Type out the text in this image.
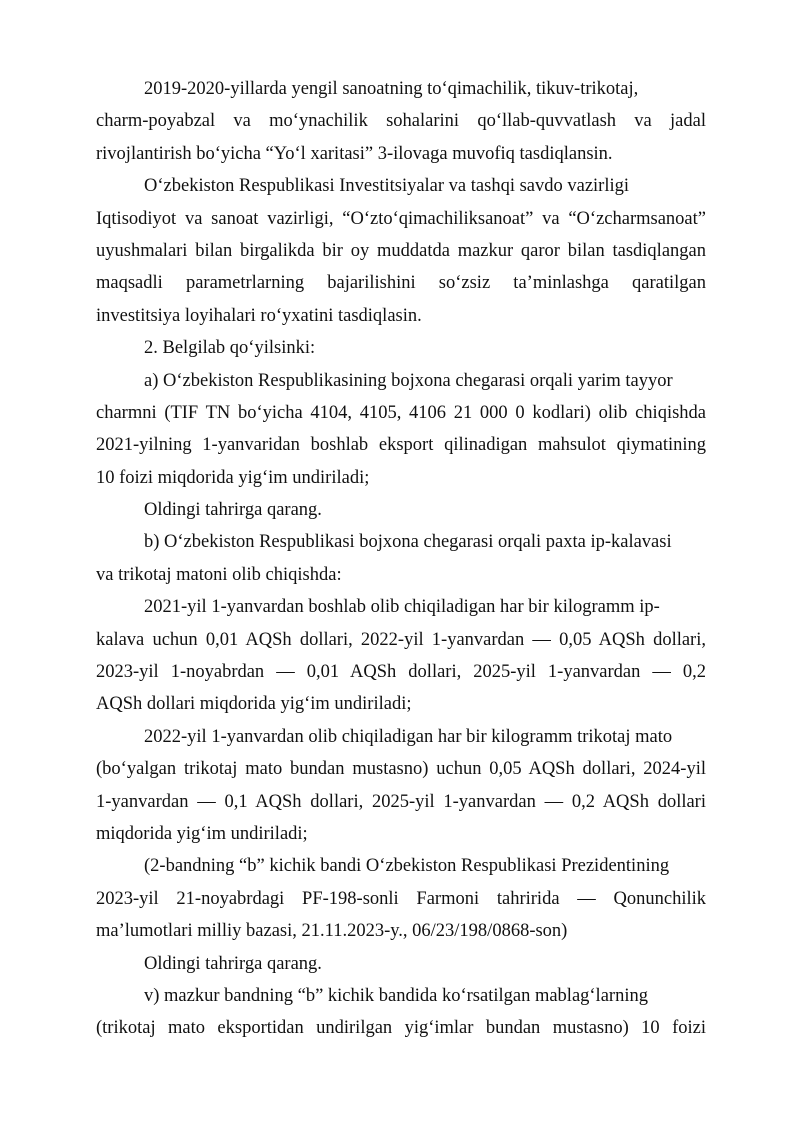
2019-2020-yillarda yengil sanoatning toʻqimachilik, tikuv-trikotaj,
charm-poyabzal va moʻynachilik sohalarini qoʻllab-quvvatlash va jadal
rivojlantirish boʻyicha “Yoʻl xaritasi” 3-ilovaga muvofiq tasdiqlansin.
Oʻzbekiston Respublikasi Investitsiyalar va tashqi savdo vazirligi
Iqtisodiyot va sanoat vazirligi, “Oʻztoʻqimachiliksanoat” va “Oʻzcharmsanoat”
uyushmalari bilan birgalikda bir oy muddatda mazkur qaror bilan tasdiqlangan
maqsadli parametrlarning bajarilishini soʻzsiz taʼminlashga qaratilgan
investitsiya loyihalari roʻyxatini tasdiqlasin.
2. Belgilab qoʻyilsinki:
a) Oʻzbekiston Respublikasining bojxona chegarasi orqali yarim tayyor
charmni (TIF TN boʻyicha 4104, 4105, 4106 21 000 0 kodlari) olib chiqishda
2021-yilning 1-yanvaridan boshlab eksport qilinadigan mahsulot qiymatining
10 foizi miqdorida yigʻim undiriladi;
Oldingi tahrirga qarang.
b) Oʻzbekiston Respublikasi bojxona chegarasi orqali paxta ip-kalavasi
va trikotaj matoni olib chiqishda:
2021-yil 1-yanvardan boshlab olib chiqiladigan har bir kilogramm ip-
kalava uchun 0,01 AQSh dollari, 2022-yil 1-yanvardan — 0,05 AQSh dollari,
2023-yil 1-noyabrdan — 0,01 AQSh dollari, 2025-yil 1-yanvardan — 0,2
AQSh dollari miqdorida yigʻim undiriladi;
2022-yil 1-yanvardan olib chiqiladigan har bir kilogramm trikotaj mato
(boʻyalgan trikotaj mato bundan mustasno) uchun 0,05 AQSh dollari, 2024-yil
1-yanvardan — 0,1 AQSh dollari, 2025-yil 1-yanvardan — 0,2 AQSh dollari
miqdorida yigʻim undiriladi;
(2-bandning “b” kichik bandi Oʻzbekiston Respublikasi Prezidentining
2023-yil 21-noyabrdagi PF-198-sonli Farmoni tahririda — Qonunchilik
maʼlumotlari milliy bazasi, 21.11.2023-y., 06/23/198/0868-son)
Oldingi tahrirga qarang.
v) mazkur bandning “b” kichik bandida koʻrsatilgan mablagʻlarning
(trikotaj mato eksportidan undirilgan yigʻimlar bundan mustasno) 10 foizi
